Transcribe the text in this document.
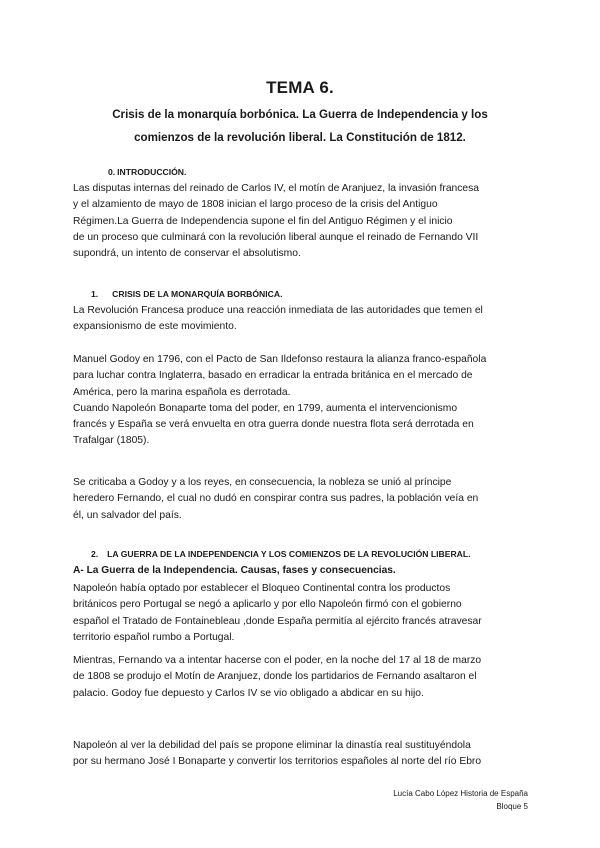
TEMA 6.
Crisis de la monarquía borbónica. La Guerra de Independencia y los
comienzos de la revolución liberal. La Constitución de 1812.
0. INTRODUCCIÓN.

Las disputas internas del reinado de Carlos IV, el motín de Aranjuez, la invasión francesa
y el alzamiento de mayo de 1808 inician el largo proceso de la crisis del Antiguo
Régimen.La Guerra de Independencia supone el fin del Antiguo Régimen y el inicio
de un proceso que culminará con la revolución liberal aunque el reinado de Fernando VII
supondrá, un intento de conservar el absolutismo.

1. CRISIS DE LA MONARQUÍA BORBÓNICA.

La Revolución Francesa produce una reacción inmediata de las autoridades que temen el
expansionismo de este movimiento.

Manuel Godoy en 1796, con el Pacto de San Ildefonso restaura la alianza franco-española
para luchar contra Inglaterra, basado en erradicar la entrada británica en el mercado de
América, pero la marina española es derrotada.
Cuando Napoleón Bonaparte toma del poder, en 1799, aumenta el intervencionismo
francés y España se verá envuelta en otra guerra donde nuestra flota será derrotada en
Trafalgar (1805).

Se criticaba a Godoy y a los reyes, en consecuencia, la nobleza se unió al príncipe
heredero Fernando, el cual no dudó en conspirar contra sus padres, la población veía en
él, un salvador del país.

2. LA GUERRA DE LA INDEPENDENCIA Y LOS COMIENZOS DE LA REVOLUCIÓN LIBERAL.
A- La Guerra de la Independencia. Causas, fases y consecuencias.

Napoleón había optado por establecer el Bloqueo Continental contra los productos
británicos pero Portugal se negó a aplicarlo y por ello Napoleón firmó con el gobierno
español el Tratado de Fontainebleau ,donde España permitía al ejército francés atravesar
territorio español rumbo a Portugal.

Mientras, Fernando va a intentar hacerse con el poder, en la noche del 17 al 18 de marzo
de 1808 se produjo el Motín de Aranjuez, donde los partidarios de Fernando asaltaron el
palacio. Godoy fue depuesto y Carlos IV se vio obligado a abdicar en su hijo.

Napoleón al ver la debilidad del país se propone eliminar la dinastía real sustituyéndola
por su hermano José I Bonaparte y convertir los territorios españoles al norte del río Ebro

Lucía Cabo López Historia de España
Bloque 5
